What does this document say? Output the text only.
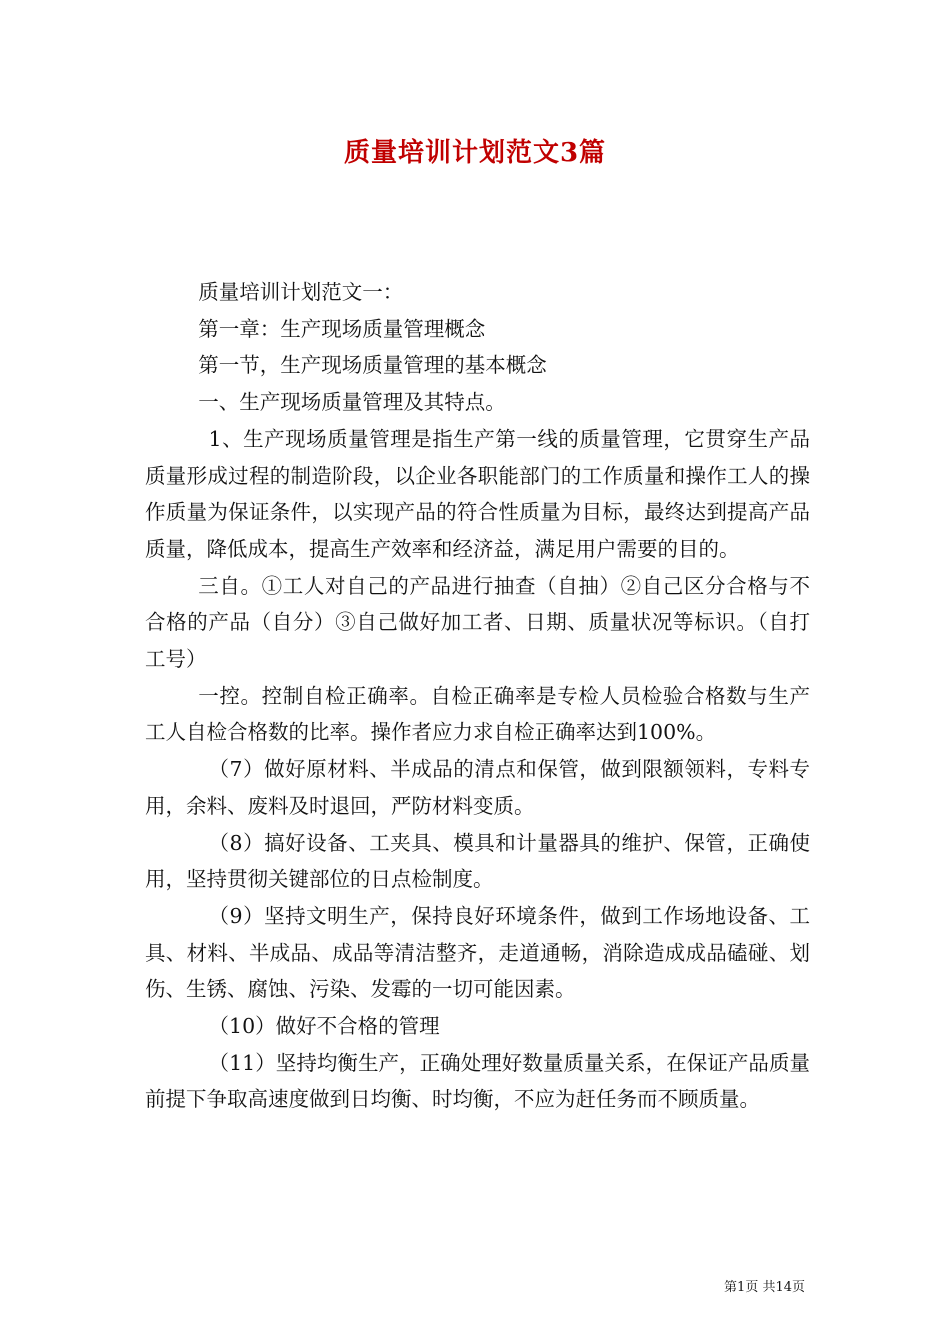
质量培训计划范文3篇

质量培训计划范文一：

第一章：生产现场质量管理概念

第一节，生产现场质量管理的基本概念

一、生产现场质量管理及其特点。

1、生产现场质量管理是指生产第一线的质量管理，它贯穿生产品质量形成过程的制造阶段，以企业各职能部门的工作质量和操作工人的操作质量为保证条件，以实现产品的符合性质量为目标，最终达到提高产品质量，降低成本，提高生产效率和经济益，满足用户需要的目的。

三自。①工人对自己的产品进行抽查（自抽）②自己区分合格与不合格的产品（自分）③自己做好加工者、日期、质量状况等标识。（自打工号）

一控。控制自检正确率。自检正确率是专检人员检验合格数与生产工人自检合格数的比率。操作者应力求自检正确率达到100%。

（7）做好原材料、半成品的清点和保管，做到限额领料，专料专用，余料、废料及时退回，严防材料变质。

（8）搞好设备、工夹具、模具和计量器具的维护、保管，正确使用，坚持贯彻关键部位的日点检制度。

（9）坚持文明生产，保持良好环境条件，做到工作场地设备、工具、材料、半成品、成品等清洁整齐，走道通畅，消除造成成品磕碰、划伤、生锈、腐蚀、污染、发霉的一切可能因素。

（10）做好不合格的管理

（11）坚持均衡生产，正确处理好数量质量关系，在保证产品质量前提下争取高速度做到日均衡、时均衡，不应为赶任务而不顾质量。

第1页 共14页
